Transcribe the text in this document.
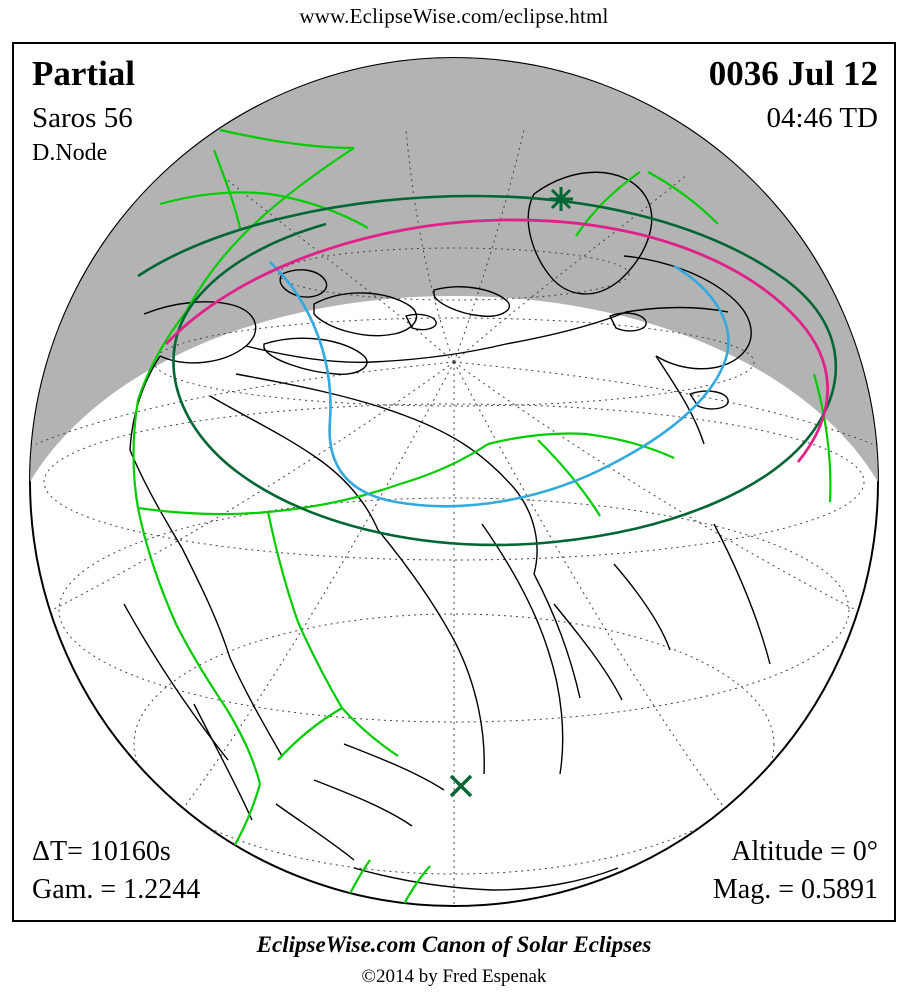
www.EclipseWise.com/eclipse.html
Partial
Saros 56
D.Node
0036 Jul 12
04:46 TD
ΔT= 10160s
Gam. = 1.2244
Altitude = 0°
Mag. = 0.5891
EclipseWise.com Canon of Solar Eclipses
©2014 by Fred Espenak
